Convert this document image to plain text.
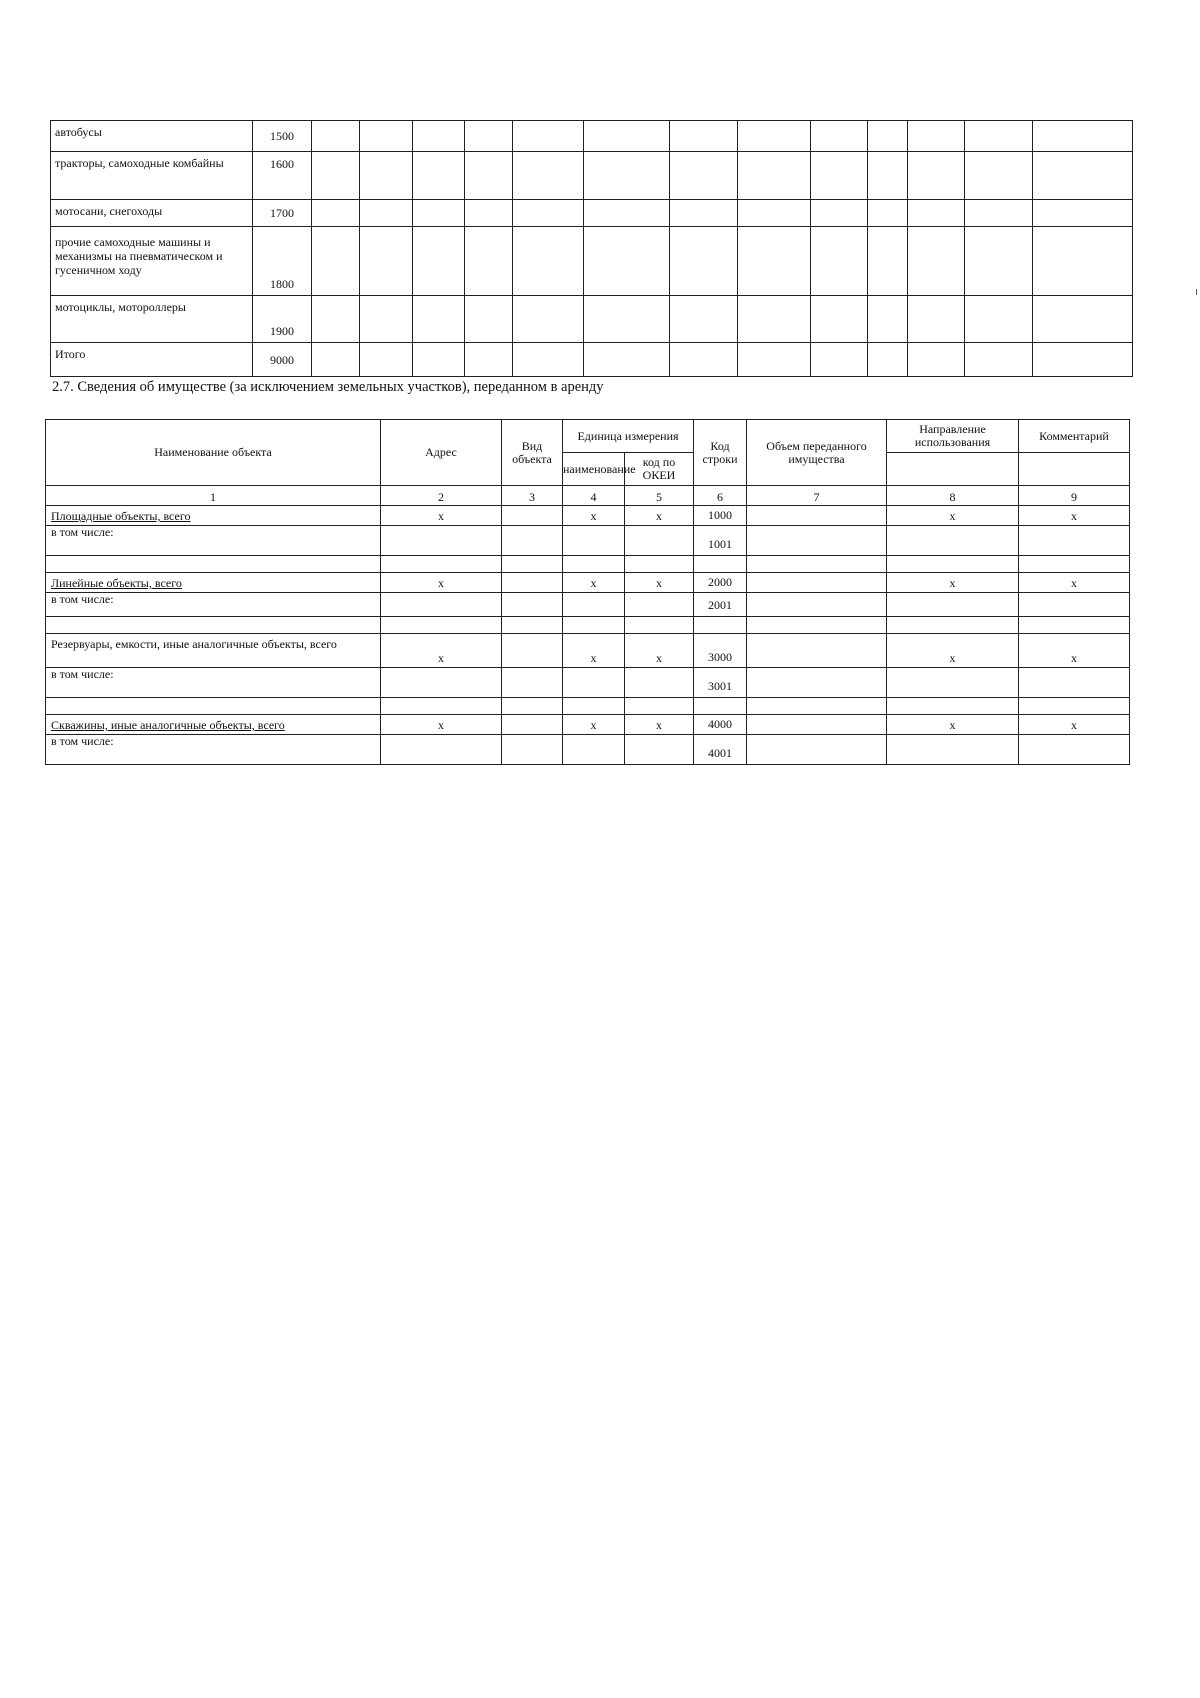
автобусы	1500													
тракторы, самоходные комбайны	1600													
мотосани, снегоходы	1700													
прочие самоходные машины и механизмы на пневматическом и гусеничном ходу	1800													
мотоциклы, мотороллеры	1900													
Итого	9000													
2.7. Сведения об имуществе (за исключением земельных участков), переданном в аренду
Наименование объекта	Адрес	Вид объекта	Единица измерения		Код строки	Объем переданного имущества	Направление использования	Комментарий
			наименование	код по ОКЕИ				
1	2	3	4	5	6	7	8	9
Площадные объекты, всего	x		x	x	1000		x	x
в том числе:					1001			

Линейные объекты, всего	x		x	x	2000		x	x
в том числе:					2001			

Резервуары, емкости, иные аналогичные объекты, всего	x		x	x	3000		x	x
в том числе:					3001			

Скважины, иные аналогичные объекты, всего	x		x	x	4000		x	x
в том числе:					4001			
